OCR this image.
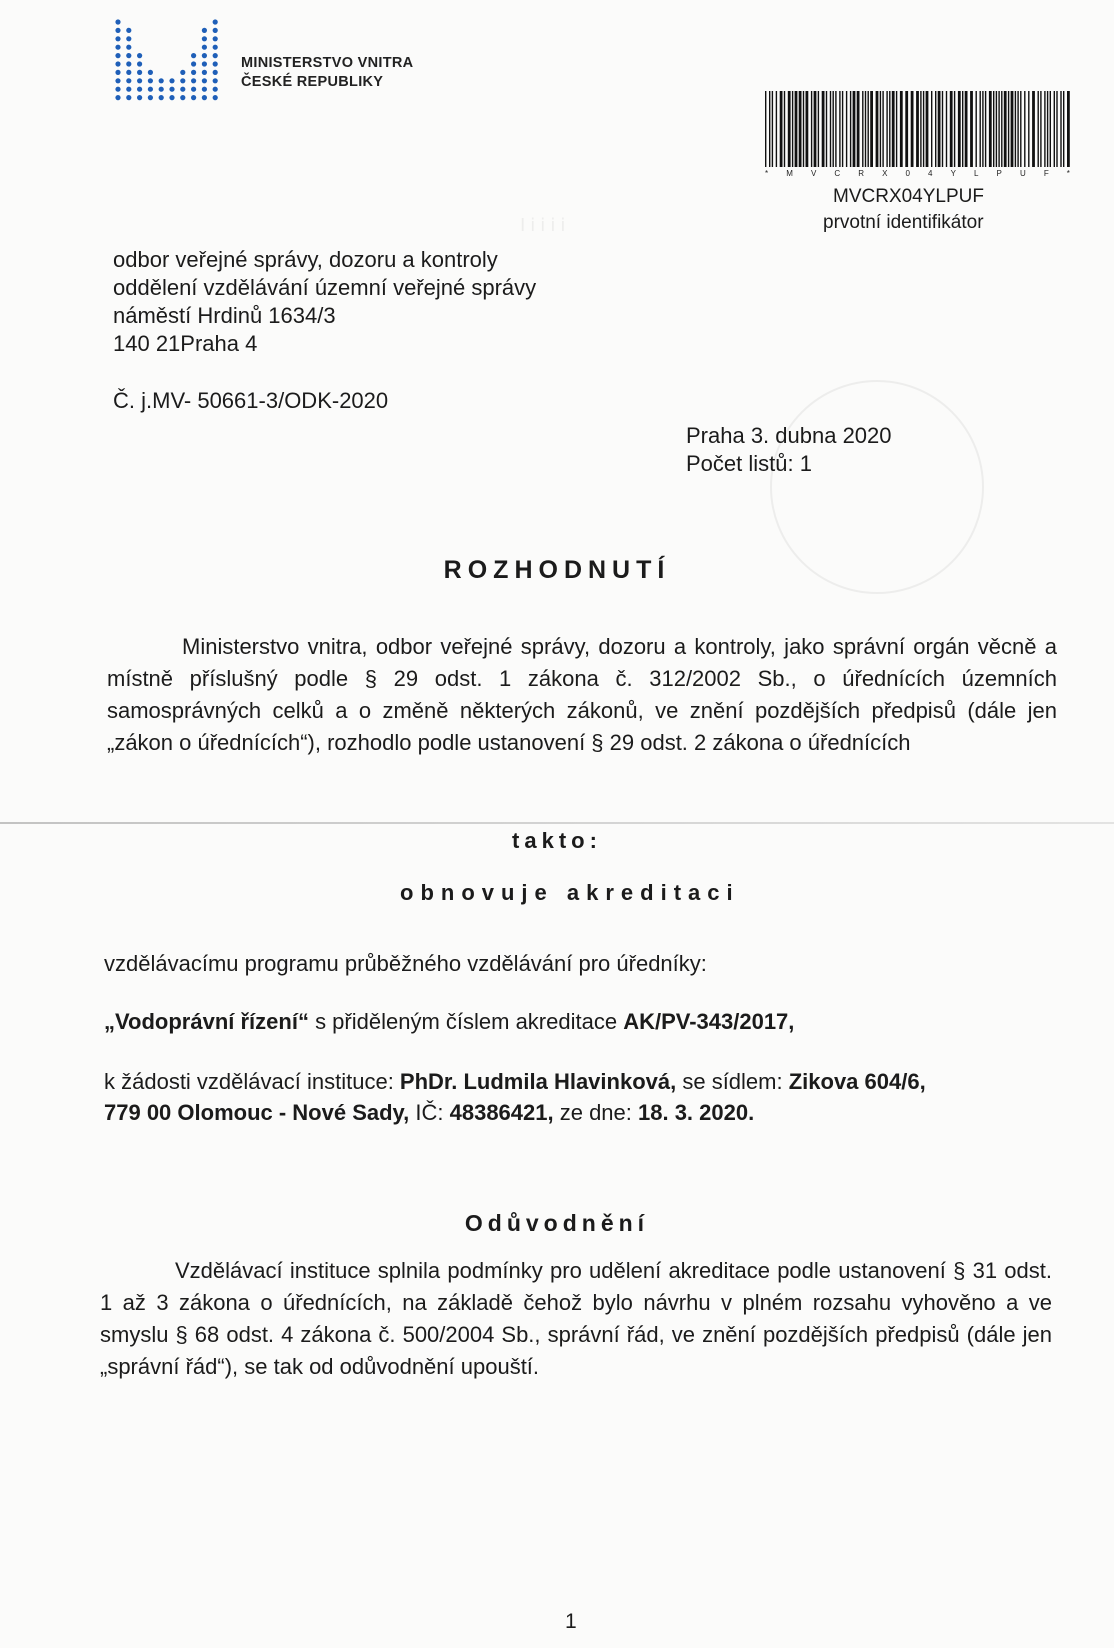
Ⅰ ⅰ ⅰ ⅰ ⅰ
MINISTERSTVO VNITRA
ČESKÉ REPUBLIKY
* M V C R X 0 4 Y L P U F *
MVCRX04YLPUF
prvotní identifikátor
odbor veřejné správy, dozoru a kontroly
oddělení vzdělávání územní veřejné správy
náměstí Hrdinů 1634/3
140 21Praha 4
Č. j.MV- 50661-3/ODK-2020
Praha 3. dubna 2020
Počet listů: 1
ROZHODNUTÍ
Ministerstvo vnitra, odbor veřejné správy, dozoru a kontroly, jako správní orgán věcně a místně příslušný podle § 29 odst. 1 zákona č. 312/2002 Sb., o úřednících územních samosprávných celků a o změně některých zákonů, ve znění pozdějších předpisů (dále jen „zákon o úřednících“), rozhodlo podle ustanovení § 29 odst. 2 zákona o úřednících
takto:
obnovuje akreditaci
vzdělávacímu programu průběžného vzdělávání pro úředníky:
„Vodoprávní řízení“ s přiděleným číslem akreditace AK/PV-343/2017,
k žádosti vzdělávací instituce: PhDr. Ludmila Hlavinková, se sídlem: Zikova 604/6,
779 00 Olomouc - Nové Sady, IČ: 48386421, ze dne: 18. 3. 2020.
Odůvodnění
Vzdělávací instituce splnila podmínky pro udělení akreditace podle ustanovení § 31 odst. 1 až 3 zákona o úřednících, na základě čehož bylo návrhu v plném rozsahu vyhověno a ve smyslu § 68 odst. 4 zákona č. 500/2004 Sb., správní řád, ve znění pozdějších předpisů (dále jen „správní řád“), se tak od odůvodnění upouští.
1
